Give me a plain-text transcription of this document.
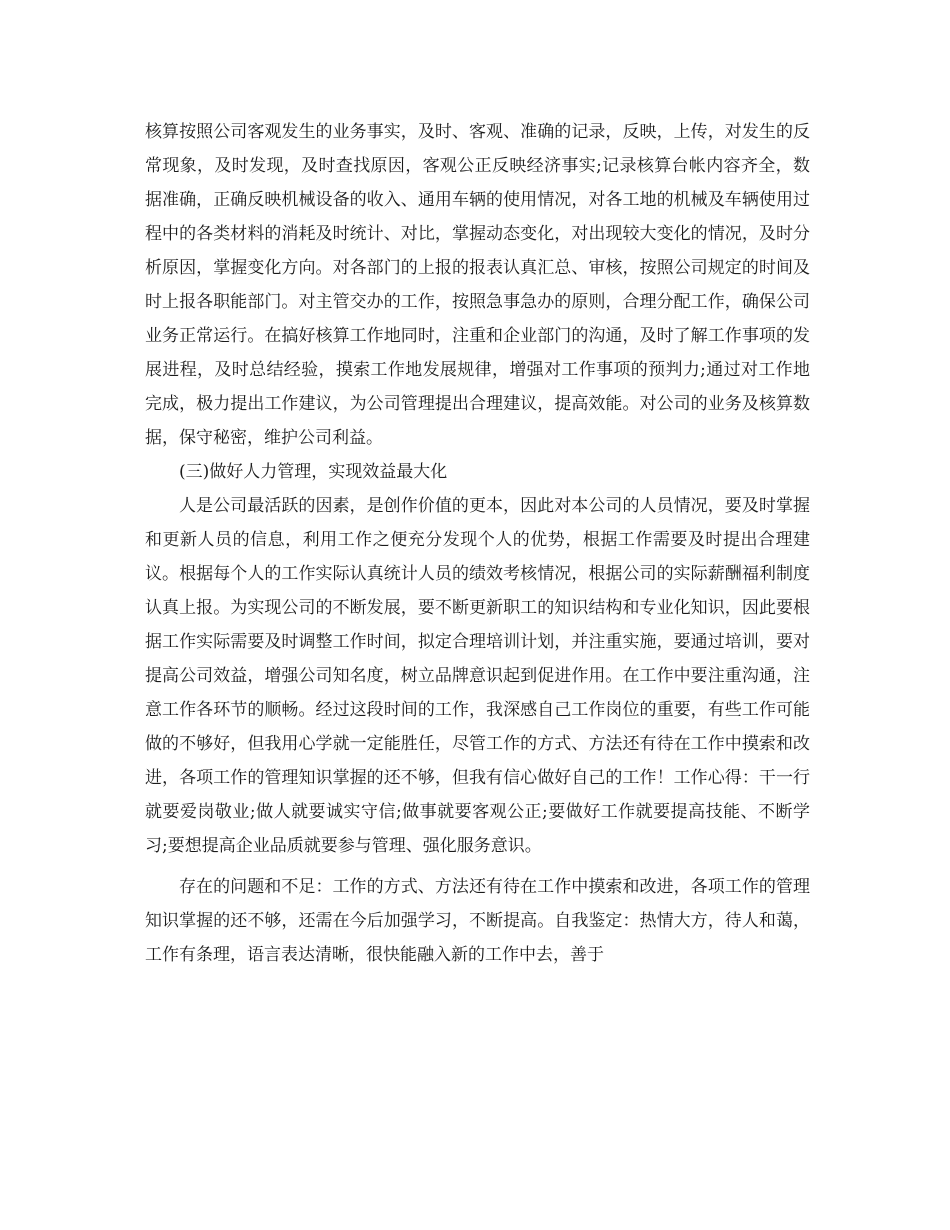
核算按照公司客观发生的业务事实，及时、客观、准确的记录，反映，上传，对发生的反常现象，及时发现，及时查找原因，客观公正反映经济事实;记录核算台帐内容齐全，数据准确，正确反映机械设备的收入、通用车辆的使用情况，对各工地的机械及车辆使用过程中的各类材料的消耗及时统计、对比，掌握动态变化，对出现较大变化的情况，及时分析原因，掌握变化方向。对各部门的上报的报表认真汇总、审核，按照公司规定的时间及时上报各职能部门。对主管交办的工作，按照急事急办的原则，合理分配工作，确保公司业务正常运行。在搞好核算工作地同时，注重和企业部门的沟通，及时了解工作事项的发展进程，及时总结经验，摸索工作地发展规律，增强对工作事项的预判力;通过对工作地完成，极力提出工作建议，为公司管理提出合理建议，提高效能。对公司的业务及核算数据，保守秘密，维护公司利益。

(三)做好人力管理，实现效益最大化

人是公司最活跃的因素，是创作价值的更本，因此对本公司的人员情况，要及时掌握和更新人员的信息，利用工作之便充分发现个人的优势，根据工作需要及时提出合理建议。根据每个人的工作实际认真统计人员的绩效考核情况，根据公司的实际薪酬福利制度认真上报。为实现公司的不断发展，要不断更新职工的知识结构和专业化知识，因此要根据工作实际需要及时调整工作时间，拟定合理培训计划，并注重实施，要通过培训，要对提高公司效益，增强公司知名度，树立品牌意识起到促进作用。在工作中要注重沟通，注意工作各环节的顺畅。经过这段时间的工作，我深感自己工作岗位的重要，有些工作可能做的不够好，但我用心学就一定能胜任，尽管工作的方式、方法还有待在工作中摸索和改进，各项工作的管理知识掌握的还不够，但我有信心做好自己的工作！工作心得：干一行就要爱岗敬业;做人就要诚实守信;做事就要客观公正;要做好工作就要提高技能、不断学习;要想提高企业品质就要参与管理、强化服务意识。

存在的问题和不足：工作的方式、方法还有待在工作中摸索和改进，各项工作的管理知识掌握的还不够，还需在今后加强学习，不断提高。自我鉴定：热情大方，待人和蔼，工作有条理，语言表达清晰，很快能融入新的工作中去，善于
